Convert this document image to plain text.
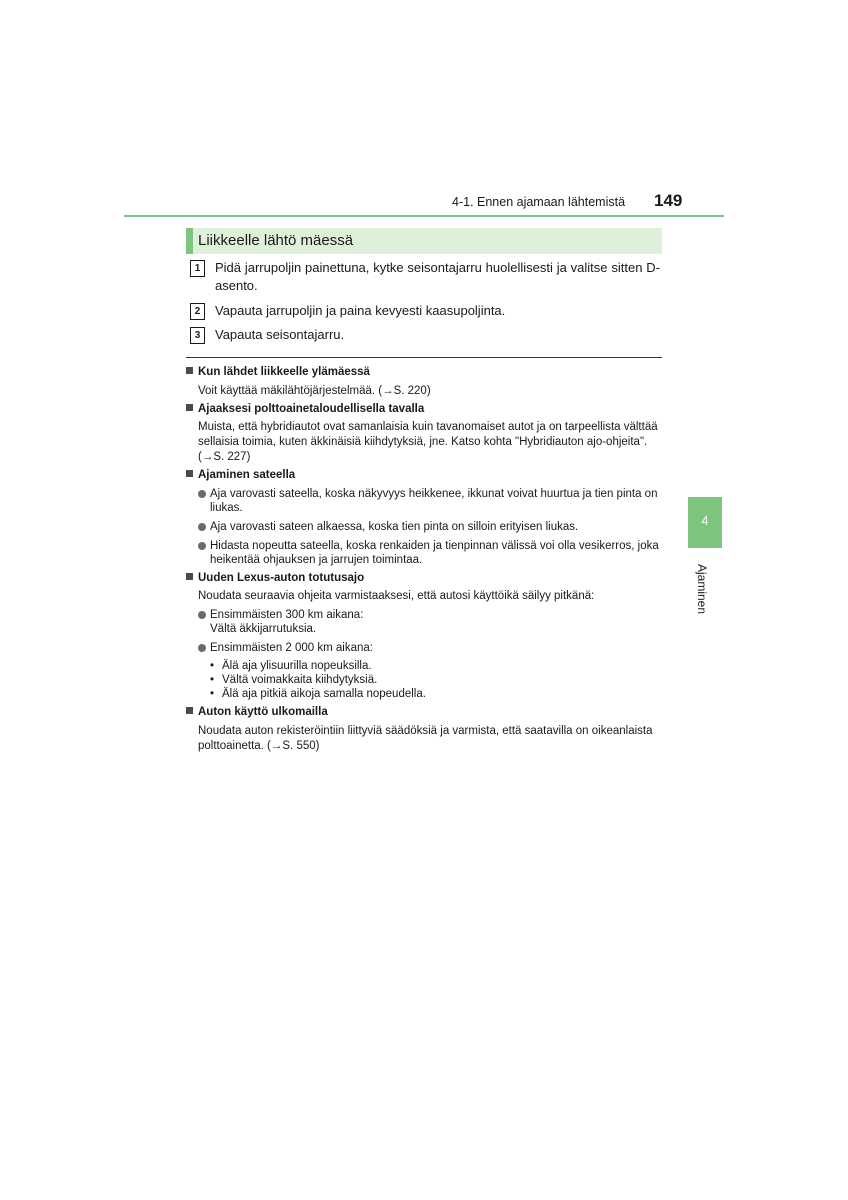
4-1. Ennen ajamaan lähtemistä 149
Liikkeelle lähtö mäessä
1	Pidä jarrupoljin painettuna, kytke seisontajarru huolellisesti ja valitse sitten D-asento.
2	Vapauta jarrupoljin ja paina kevyesti kaasupoljinta.
3	Vapauta seisontajarru.
Kun lähdet liikkeelle ylämäessä
Voit käyttää mäkilähtöjärjestelmää. (→S. 220)
Ajaaksesi polttoainetaloudellisella tavalla
Muista, että hybridiautot ovat samanlaisia kuin tavanomaiset autot ja on tarpeellista välttää sellaisia toimia, kuten äkkinäisiä kiihdytyksiä, jne. Katso kohta "Hybridiauton ajo-ohjeita". (→S. 227)
Ajaminen sateella
Aja varovasti sateella, koska näkyvyys heikkenee, ikkunat voivat huurtua ja tien pinta on liukas.
Aja varovasti sateen alkaessa, koska tien pinta on silloin erityisen liukas.
Hidasta nopeutta sateella, koska renkaiden ja tienpinnan välissä voi olla vesikerros, joka heikentää ohjauksen ja jarrujen toimintaa.
Uuden Lexus-auton totutusajo
Noudata seuraavia ohjeita varmistaaksesi, että autosi käyttöikä säilyy pitkänä:
Ensimmäisten 300 km aikana:
Vältä äkkijarrutuksia.
Ensimmäisten 2 000 km aikana:
• Älä aja ylisuurilla nopeuksilla.
• Vältä voimakkaita kiihdytyksiä.
• Älä aja pitkiä aikoja samalla nopeudella.
Auton käyttö ulkomailla
Noudata auton rekisteröintiin liittyviä säädöksiä ja varmista, että saatavilla on oikeanlaista polttoainetta. (→S. 550)
4
Ajaminen
